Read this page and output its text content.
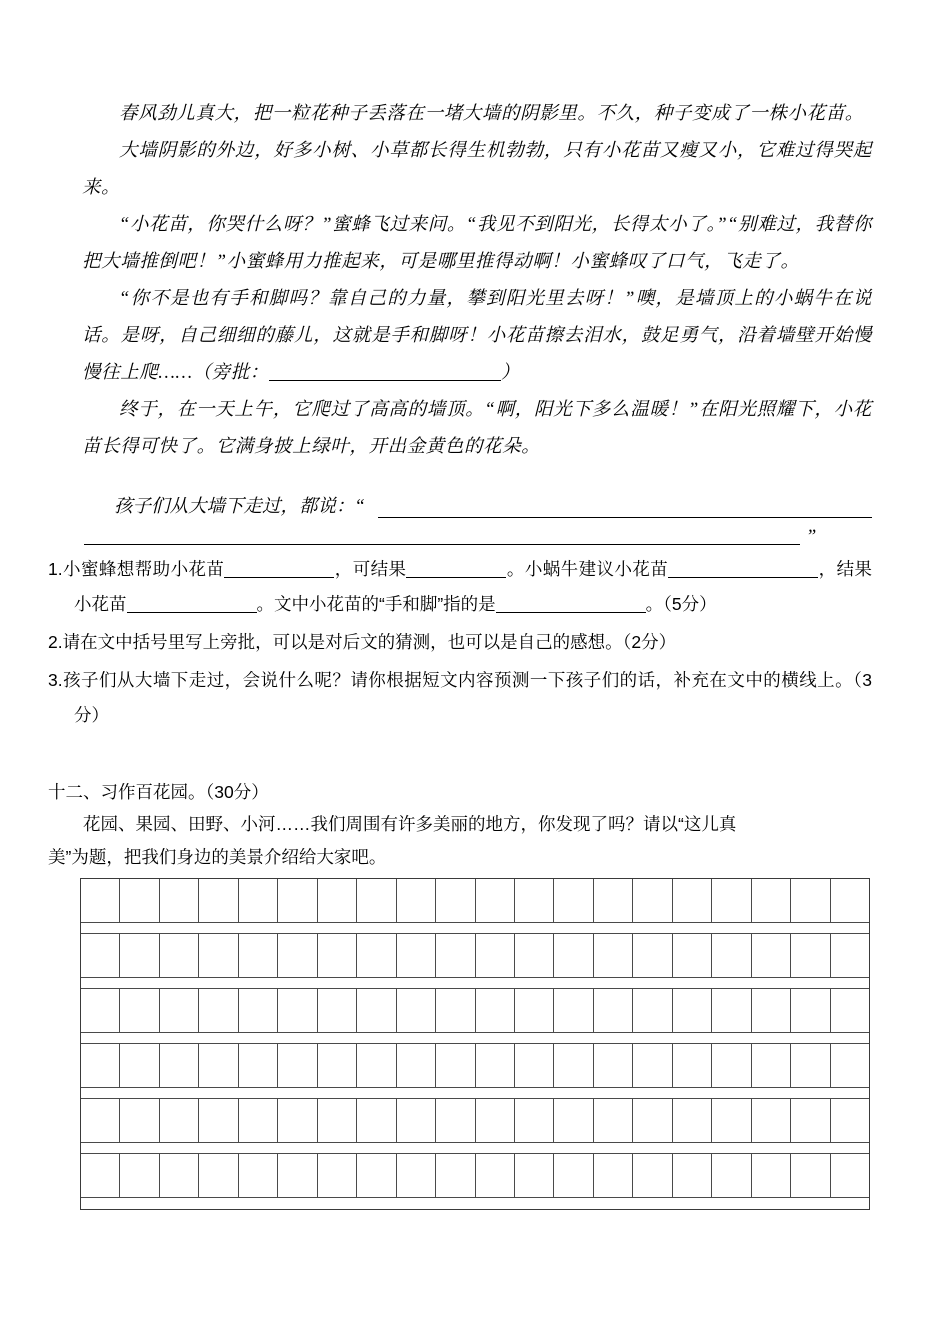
春风劲儿真大，把一粒花种子丢落在一堵大墙的阴影里。不久，种子变成了一株小花苗。

大墙阴影的外边，好多小树、小草都长得生机勃勃，只有小花苗又瘦又小，它难过得哭起来。

“小花苗，你哭什么呀？”蜜蜂飞过来问。“我见不到阳光，长得太小了。”“别难过，我替你把大墙推倒吧！”小蜜蜂用力推起来，可是哪里推得动啊！小蜜蜂叹了口气，飞走了。

“你不是也有手和脚吗？靠自己的力量，攀到阳光里去呀！”噢，是墙顶上的小蜗牛在说话。是呀，自己细细的藤儿，这就是手和脚呀！小花苗擦去泪水，鼓足勇气，沿着墙壁开始慢慢往上爬……（旁批：	）

终于，在一天上午，它爬过了高高的墙顶。“啊，阳光下多么温暖！”在阳光照耀下，小花苗长得可快了。它满身披上绿叶，开出金黄色的花朵。

孩子们从大墙下走过，都说：“
”

1.小蜜蜂想帮助小花苗	，可结果	。小蜗牛建议小花苗	，结果小花苗	。文中小花苗的“手和脚”指的是	。（5分）

2.请在文中括号里写上旁批，可以是对后文的猜测，也可以是自己的感想。（2分）

3.孩子们从大墙下走过，会说什么呢？请你根据短文内容预测一下孩子们的话，补充在文中的横线上。（3分）

十二、习作百花园。（30分）
花园、果园、田野、小河……我们周围有许多美丽的地方，你发现了吗？请以“这儿真
美”为题，把我们身边的美景介绍给大家吧。
